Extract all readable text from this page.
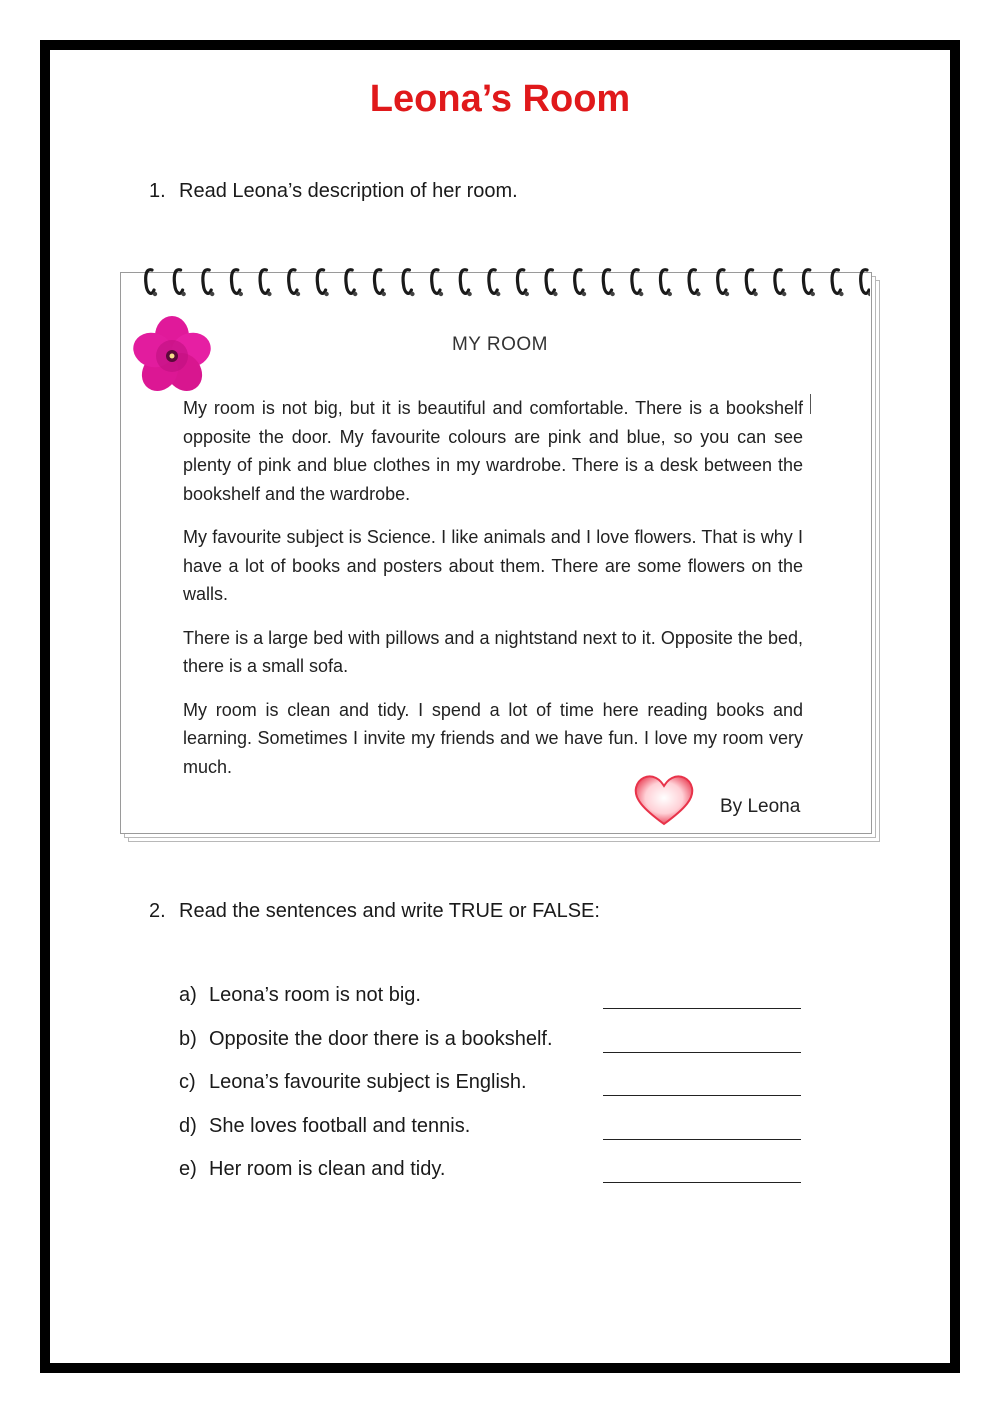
Leona’s Room
1. Read Leona’s description of her room.
MY ROOM

My room is not big, but it is beautiful and comfortable. There is a bookshelf opposite the door. My favourite colours are pink and blue, so you can see plenty of pink and blue clothes in my wardrobe. There is a desk between the bookshelf and the wardrobe.

My favourite subject is Science. I like animals and I love flowers. That is why I have a lot of books and posters about them. There are some flowers on the walls.

There is a large bed with pillows and a nightstand next to it. Opposite the bed, there is a small sofa.

My room is clean and tidy. I spend a lot of time here reading books and learning. Sometimes I invite my friends and we have fun. I love my room very much.

By Leona
2. Read the sentences and write TRUE or FALSE:
a) Leona’s room is not big.
b) Opposite the door there is a bookshelf.
c) Leona’s favourite subject is English.
d) She loves football and tennis.
e) Her room is clean and tidy.
